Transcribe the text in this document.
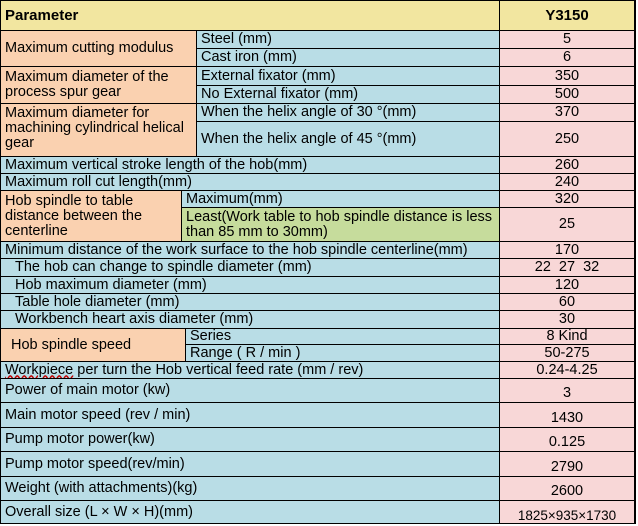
Parameter	Y3150
Maximum cutting modulus
Steel (mm)	5
Cast iron (mm)	6
Maximum diameter of the process spur gear
External fixator (mm)	350
No External fixator (mm)	500
Maximum diameter for machining cylindrical helical gear
When the helix angle of 30 °(mm)	370
When the helix angle of 45 °(mm)	250
Maximum vertical stroke length of the hob(mm)	260
Maximum roll cut length(mm)	240
Hob spindle to table distance between the centerline
Maximum(mm)	320
Least(Work table to hob spindle distance is less than 85 mm to 30mm)	25
Minimum distance of the work surface to the hob spindle centerline(mm)	170
The hob can change to spindle diameter (mm)	22  27  32
Hob maximum diameter (mm)	120
Table hole diameter (mm)	60
Workbench heart axis diameter (mm)	30
Hob spindle speed
Series	8 Kind
Range ( R / min )	50-275
Workpiece per turn the Hob vertical feed rate (mm / rev)	0.24-4.25
Power of main motor (kw)	3
Main motor speed (rev / min)	1430
Pump motor power(kw)	0.125
Pump motor speed(rev/min)	2790
Weight (with attachments)(kg)	2600
Overall size (L × W × H)(mm)	1825×935×1730
